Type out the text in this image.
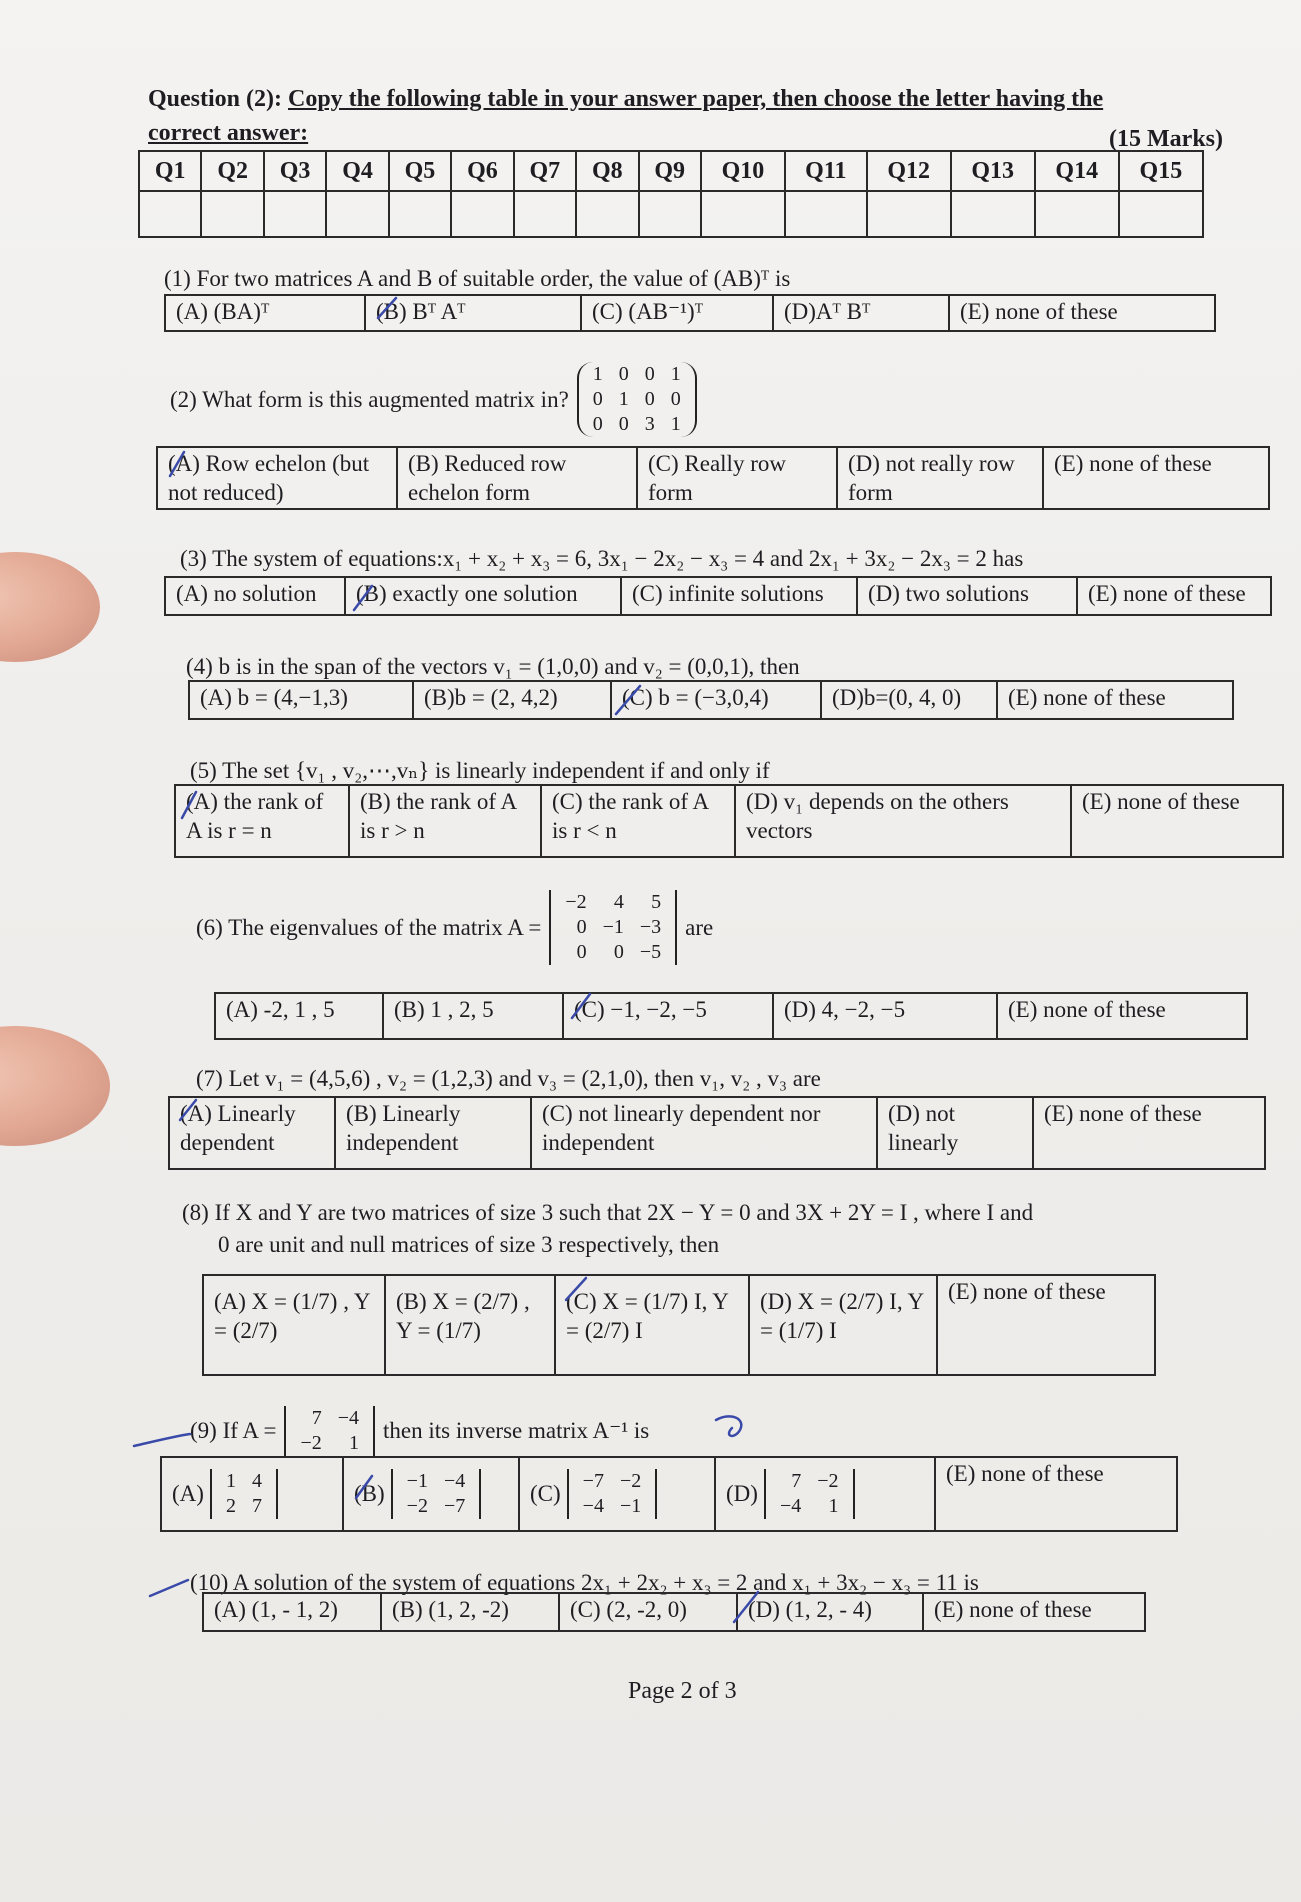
Question (2): Copy the following table in your answer paper, then choose the letter having the
correct answer:	(15 Marks)
Q1	Q2	Q3	Q4	Q5	Q6	Q7	Q8	Q9	Q10	Q11	Q12	Q13	Q14	Q15

(1) For two matrices A and B of suitable order, the value of (AB)ᵀ is
(A) (BA)ᵀ	(B) Bᵀ Aᵀ	(C) (AB⁻¹)ᵀ	(D)Aᵀ Bᵀ	(E) none of these
(2) What form is this augmented matrix in?
1	0	0	1
0	1	0	0
0	0	3	1
(A) Row echelon (but not reduced)
(B) Reduced row echelon form
(C) Really row form
(D) not really row form
(E) none of these
(3) The system of equations:x₁ + x₂ + x₃ = 6, 3x₁ − 2x₂ − x₃ = 4 and 2x₁ + 3x₂ − 2x₃ = 2 has
(A) no solution	(B) exactly one solution	(C) infinite solutions	(D) two solutions	(E) none of these
(4) b is in the span of the vectors v₁ = (1,0,0) and v₂ = (0,0,1), then
(A) b = (4,−1,3)	(B)b = (2, 4,2)	(C) b = (−3,0,4)	(D)b=(0, 4, 0)	(E) none of these
(5) The set {v₁ , v₂,⋯,vₙ} is linearly independent if and only if
(A) the rank of A is r = n
(B) the rank of A is r > n
(C) the rank of A is r < n
(D) v₁ depends on the others vectors
(E) none of these
(6) The eigenvalues of the matrix A =
−2	4	5
0	−1	−3
0	0	−5
are
(A) -2, 1 , 5	(B) 1 , 2, 5	(C) −1, −2, −5	(D) 4, −2, −5	(E) none of these
(7) Let v₁ = (4,5,6) , v₂ = (1,2,3) and v₃ = (2,1,0), then v₁, v₂ , v₃ are
(A) Linearly dependent
(B) Linearly independent
(C) not linearly dependent nor independent
(D) not linearly
(E) none of these
(8) If X and Y are two matrices of size 3 such that 2X − Y = 0 and 3X + 2Y = I , where I and
0 are unit and null matrices of size 3 respectively, then
(A) X = (1/7) , Y = (2/7)
(B) X = (2/7) , Y = (1/7)
(C) X = (1/7) I, Y = (2/7) I
(D) X = (2/7) I, Y = (1/7) I
(E) none of these
(9) If A = 7	−4
−2	1 then its inverse matrix A⁻¹ is
(A) 1	4
2	7
(B) −1	−4
−2	−7
(C) −7	−2
−4	−1
(D) 7	−2
−4	1
(E) none of these
(10) A solution of the system of equations 2x₁ + 2x₂ + x₃ = 2 and x₁ + 3x₂ − x₃ = 11 is
(A) (1, - 1, 2)	(B) (1, 2, -2)	(C) (2, -2, 0)	(D) (1, 2, - 4)	(E) none of these
Page 2 of 3
